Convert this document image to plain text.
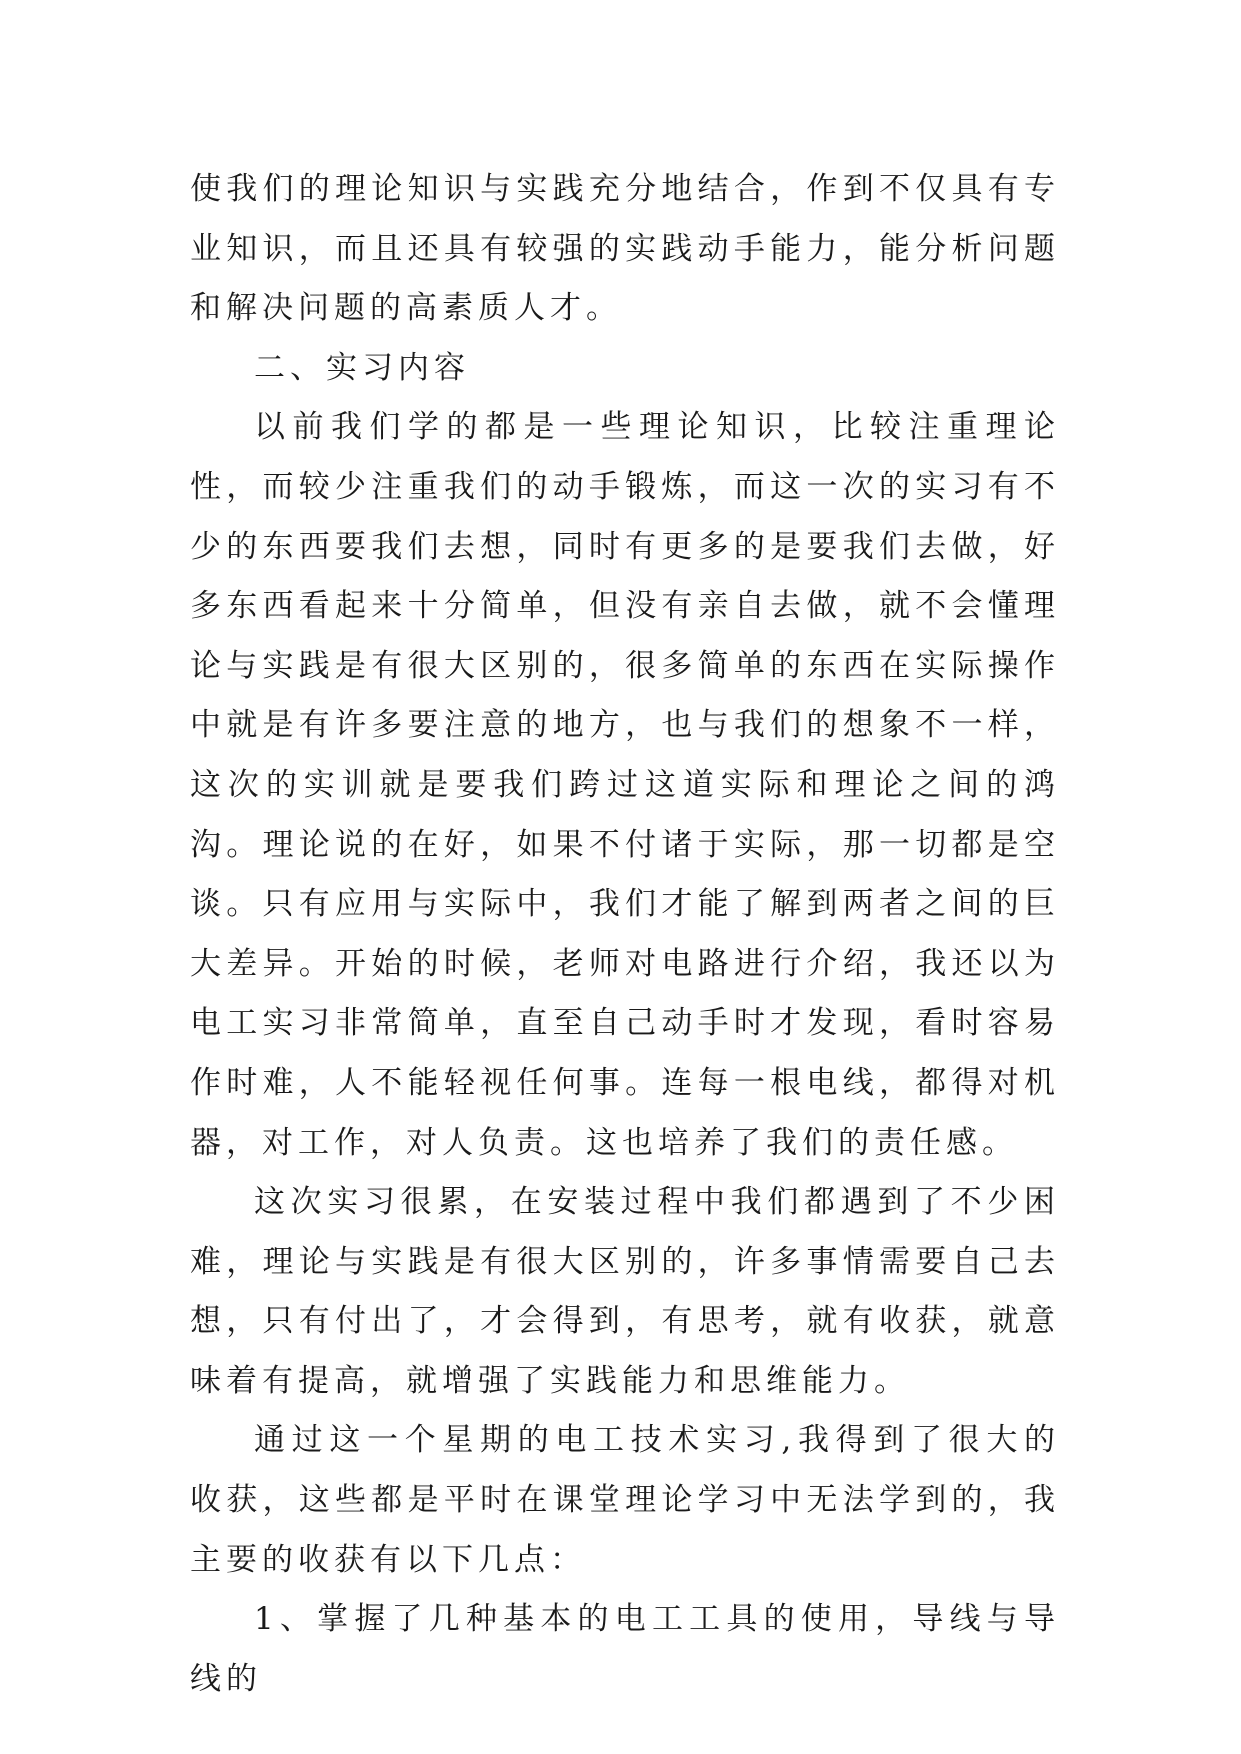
使我们的理论知识与实践充分地结合，作到不仅具有专业知识，而且还具有较强的实践动手能力，能分析问题和解决问题的高素质人才。

二、实习内容

以前我们学的都是一些理论知识，比较注重理论性，而较少注重我们的动手锻炼，而这一次的实习有不少的东西要我们去想，同时有更多的是要我们去做，好多东西看起来十分简单，但没有亲自去做，就不会懂理论与实践是有很大区别的，很多简单的东西在实际操作中就是有许多要注意的地方，也与我们的想象不一样，这次的实训就是要我们跨过这道实际和理论之间的鸿沟。理论说的在好，如果不付诸于实际，那一切都是空谈。只有应用与实际中，我们才能了解到两者之间的巨大差异。开始的时候，老师对电路进行介绍，我还以为电工实习非常简单，直至自己动手时才发现，看时容易作时难，人不能轻视任何事。连每一根电线，都得对机器，对工作，对人负责。这也培养了我们的责任感。

这次实习很累，在安装过程中我们都遇到了不少困难，理论与实践是有很大区别的，许多事情需要自己去想，只有付出了，才会得到，有思考，就有收获，就意味着有提高，就增强了实践能力和思维能力。

通过这一个星期的电工技术实习,我得到了很大的收获，这些都是平时在课堂理论学习中无法学到的，我主要的收获有以下几点：

1、掌握了几种基本的电工工具的使用，导线与导线的
